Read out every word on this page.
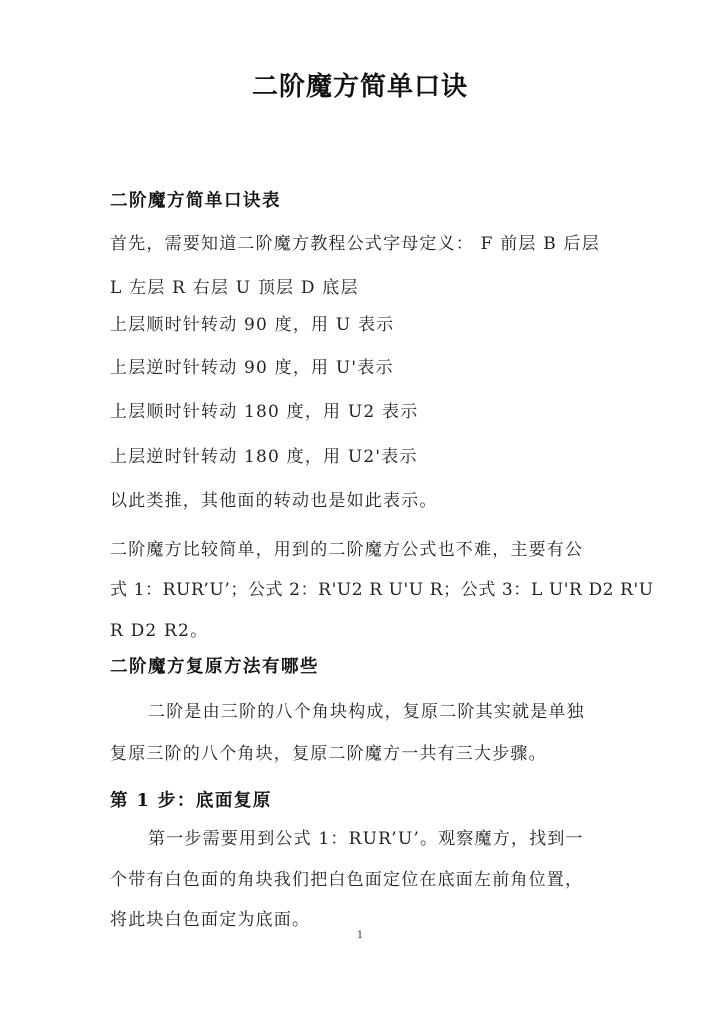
二阶魔方简单口诀
二阶魔方简单口诀表
首先，需要知道二阶魔方教程公式字母定义： F 前层 B 后层
L 左层 R 右层 U 顶层 D 底层
上层顺时针转动 90 度，用 U 表示
上层逆时针转动 90 度，用 U'表示
上层顺时针转动 180 度，用 U2 表示
上层逆时针转动 180 度，用 U2'表示
以此类推，其他面的转动也是如此表示。
二阶魔方比较简单，用到的二阶魔方公式也不难，主要有公
式 1：RUR’U’；公式 2：R'U2 R U'U R；公式 3：L U'R D2 R'U
R D2 R2。
二阶魔方复原方法有哪些
二阶是由三阶的八个角块构成，复原二阶其实就是单独
复原三阶的八个角块，复原二阶魔方一共有三大步骤。
第 1 步：底面复原
第一步需要用到公式 1：RUR’U’。观察魔方，找到一
个带有白色面的角块我们把白色面定位在底面左前角位置，
将此块白色面定为底面。
1
